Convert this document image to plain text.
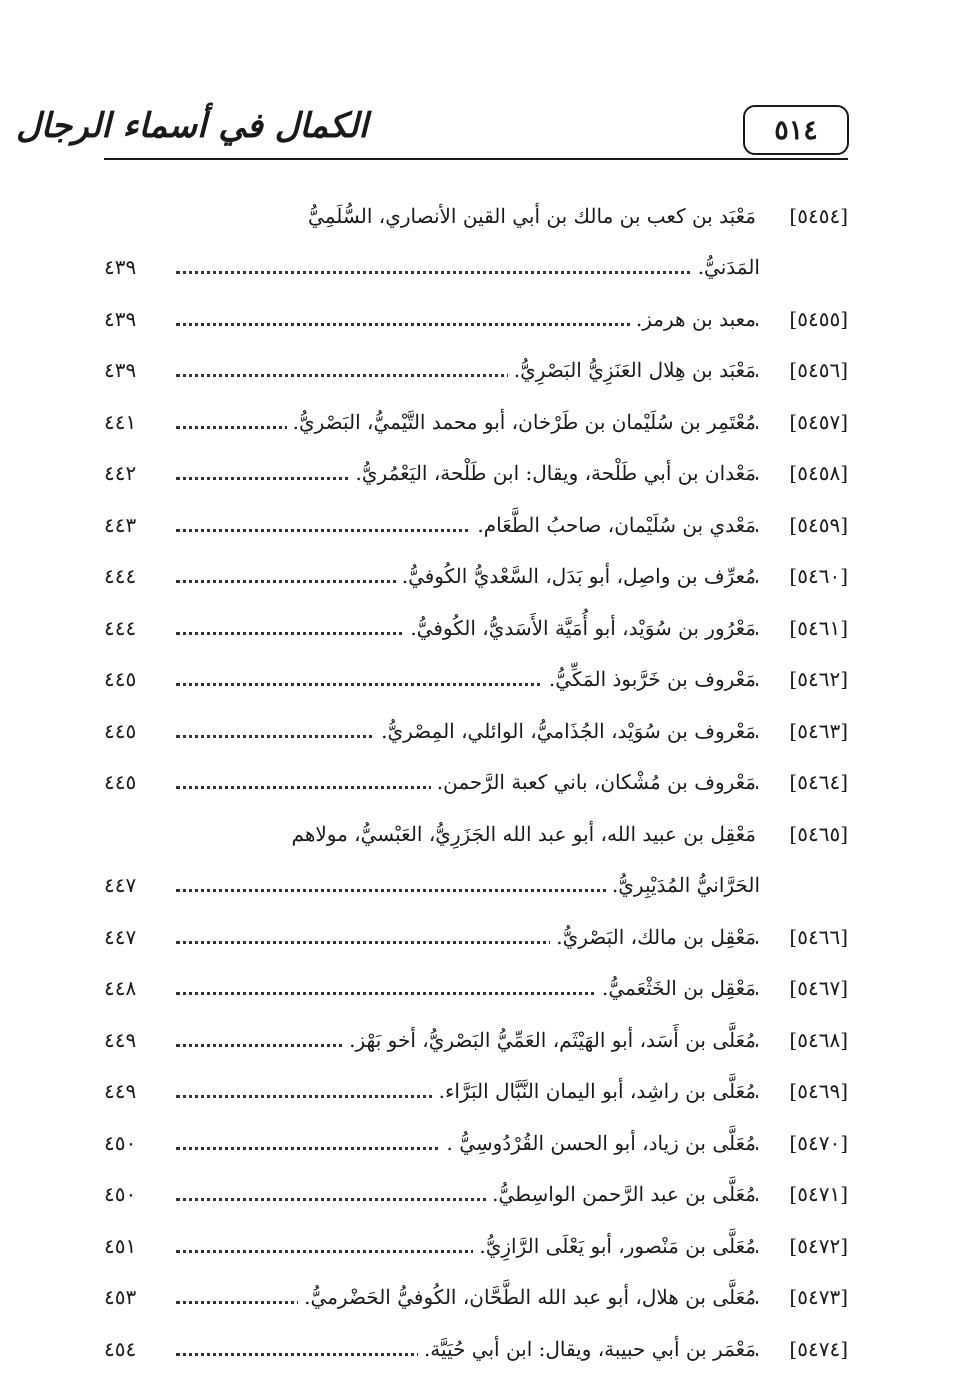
٥١٤
الكمال في أسماء الرجال
[٥٤٥٤]
مَعْبَد بن كعب بن مالك بن أبي القين الأنصاري، السُّلَمِيُّ
المَدَنيُّ.
٤٣٩
[٥٤٥٥]
معبد بن هرمز.
٤٣٩
[٥٤٥٦]
مَعْبَد بن هِلال العَنَزِيُّ البَصْرِيُّ.
٤٣٩
[٥٤٥٧]
مُعْتَمِر بن سُلَيْمان بن طَرْخان، أبو محمد التَّيْميُّ، البَصْريُّ.
٤٤١
[٥٤٥٨]
مَعْدان بن أبي طَلْحة، ويقال: ابن طَلْحة، اليَعْمُريُّ.
٤٤٢
[٥٤٥٩]
مَعْدي بن سُلَيْمان، صاحبُ الطَّعَام.
٤٤٣
[٥٤٦٠]
مُعرِّف بن واصِل، أبو بَدَل، السَّعْديُّ الكُوفيُّ.
٤٤٤
[٥٤٦١]
مَعْرُور بن سُوَيْد، أبو أُمَيَّة الأَسَديُّ، الكُوفيُّ.
٤٤٤
[٥٤٦٢]
مَعْروف بن خَرَّبوذ المَكِّيُّ.
٤٤٥
[٥٤٦٣]
مَعْروف بن سُوَيْد، الجُذَاميُّ، الوائلي، المِصْريُّ.
٤٤٥
[٥٤٦٤]
مَعْروف بن مُشْكان، باني كعبة الرَّحمن.
٤٤٥
[٥٤٦٥]
مَعْقِل بن عبيد الله، أبو عبد الله الجَزَرِيُّ، العَبْسيُّ، مولاهم
الحَرَّانيُّ المُدَيْبِريُّ.
٤٤٧
[٥٤٦٦]
مَعْقِل بن مالك، البَصْريُّ.
٤٤٧
[٥٤٦٧]
مَعْقِل بن الخَثْعَميُّ.
٤٤٨
[٥٤٦٨]
مُعَلَّى بن أَسَد، أبو الهَيْثَم، العَمِّيُّ البَصْريُّ، أخو بَهْز.
٤٤٩
[٥٤٦٩]
مُعَلَّى بن راشِد، أبو اليمان النَّبَّال البَرَّاء.
٤٤٩
[٥٤٧٠]
مُعَلَّى بن زياد، أبو الحسن القُرْدُوسِيُّ .
٤٥٠
[٥٤٧١]
مُعَلَّى بن عبد الرَّحمن الواسِطيُّ.
٤٥٠
[٥٤٧٢]
مُعَلَّى بن مَنْصور، أبو يَعْلَى الرَّازِيُّ.
٤٥١
[٥٤٧٣]
مُعَلَّى بن هلال، أبو عبد الله الطَّحَّان، الكُوفيُّ الحَضْرميُّ.
٤٥٣
[٥٤٧٤]
مَعْمَر بن أبي حبيبة، ويقال: ابن أبي حُيَيَّة.
٤٥٤
